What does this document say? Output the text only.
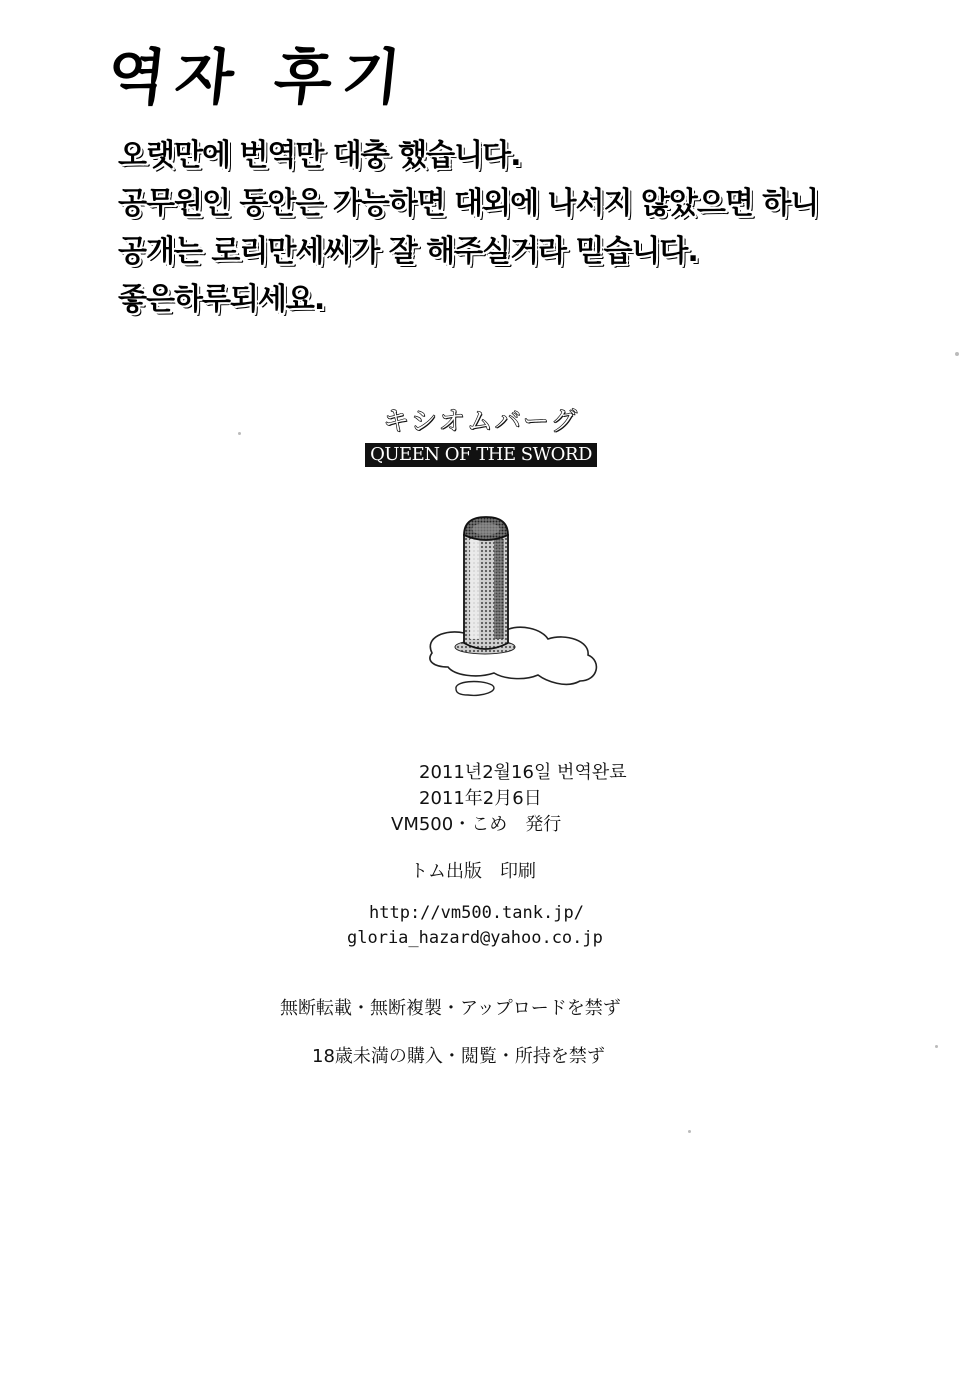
역자 후기
오랫만에 번역만 대충 했습니다.
공무원인 동안은 가능하면 대외에 나서지 않았으면 하니
공개는 로리만세씨가 잘 해주실거라 믿습니다.
좋은하루되세요.
キシオムバーグ
QUEEN OF THE SWORD
2011년2월16일 번역완료
2011年2月6日
VM500・こめ　発行
トム出版　印刷
http://vm500.tank.jp/
gloria_hazard@yahoo.co.jp
無断転載・無断複製・アップロードを禁ず
18歳未満の購入・閲覧・所持を禁ず
